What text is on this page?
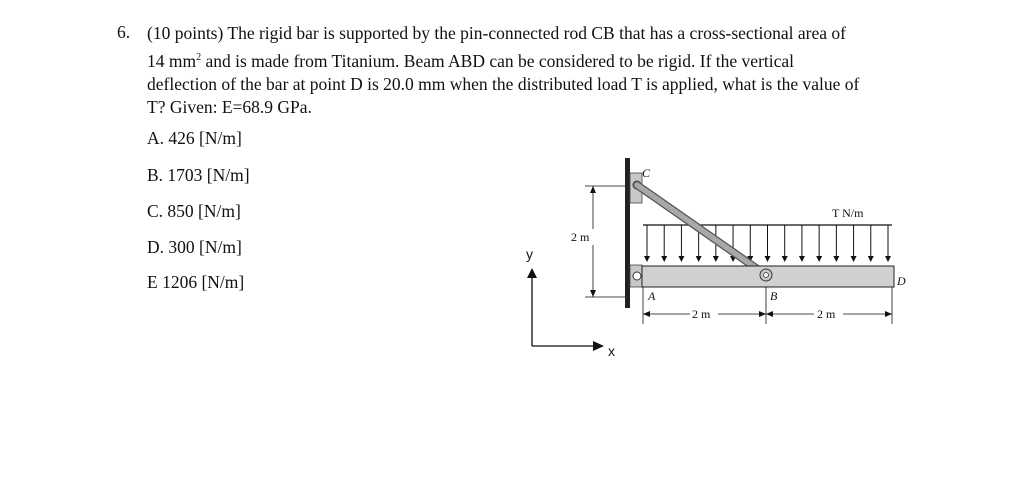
6. (10 points) The rigid bar is supported by the pin-connected rod CB that has a cross-sectional area of

14 $mm^2$ and is made from Titanium. Beam ABD can be considered to be rigid. If the vertical

deflection of the bar at point D is 20.0 mm when the distributed load T is applied, what is the value of

T? Given: E=68.9 GPa.

A. 426 [N/m]
B. 1703 [N/m]
C. 850 [N/m]
D. 300 [N/m]
E 1206 [N/m]
y
x
2 m
T N/m
C
D
A	B
2 m	2 m
